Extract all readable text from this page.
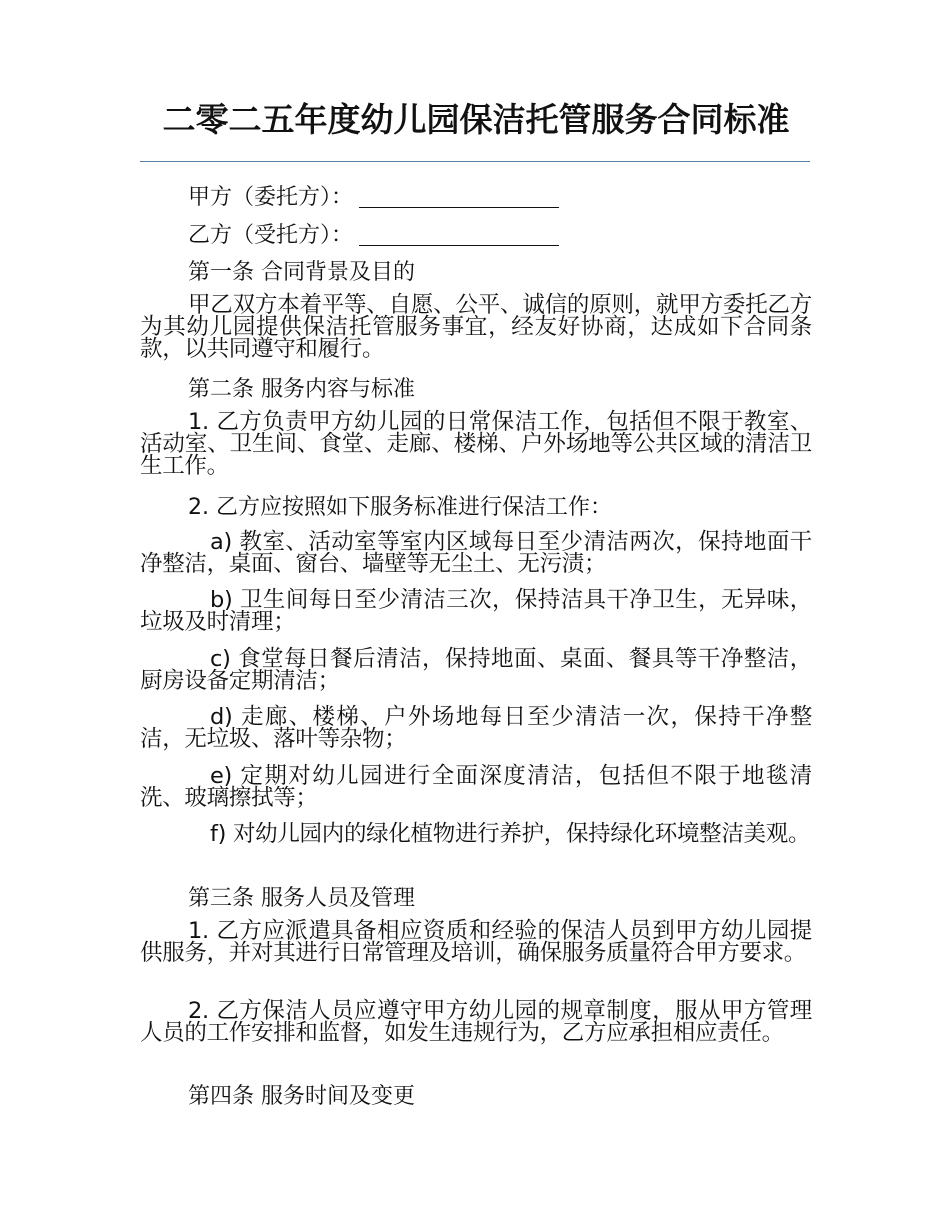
二零二五年度幼儿园保洁托管服务合同标准
甲方（委托方）：
乙方（受托方）：
第一条 合同背景及目的

甲乙双方本着平等、自愿、公平、诚信的原则，就甲方委托乙方为其幼儿园提供保洁托管服务事宜，经友好协商，达成如下合同条款，以共同遵守和履行。

第二条 服务内容与标准

1. 乙方负责甲方幼儿园的日常保洁工作，包括但不限于教室、活动室、卫生间、食堂、走廊、楼梯、户外场地等公共区域的清洁卫生工作。

2. 乙方应按照如下服务标准进行保洁工作：

a) 教室、活动室等室内区域每日至少清洁两次，保持地面干净整洁，桌面、窗台、墙壁等无尘土、无污渍；

b) 卫生间每日至少清洁三次，保持洁具干净卫生，无异味，垃圾及时清理；

c) 食堂每日餐后清洁，保持地面、桌面、餐具等干净整洁，厨房设备定期清洁；

d) 走廊、楼梯、户外场地每日至少清洁一次，保持干净整洁，无垃圾、落叶等杂物；

e) 定期对幼儿园进行全面深度清洁，包括但不限于地毯清洗、玻璃擦拭等；

f) 对幼儿园内的绿化植物进行养护，保持绿化环境整洁美观。

第三条 服务人员及管理

1. 乙方应派遣具备相应资质和经验的保洁人员到甲方幼儿园提供服务，并对其进行日常管理及培训，确保服务质量符合甲方要求。

2. 乙方保洁人员应遵守甲方幼儿园的规章制度，服从甲方管理人员的工作安排和监督，如发生违规行为，乙方应承担相应责任。

第四条 服务时间及变更
